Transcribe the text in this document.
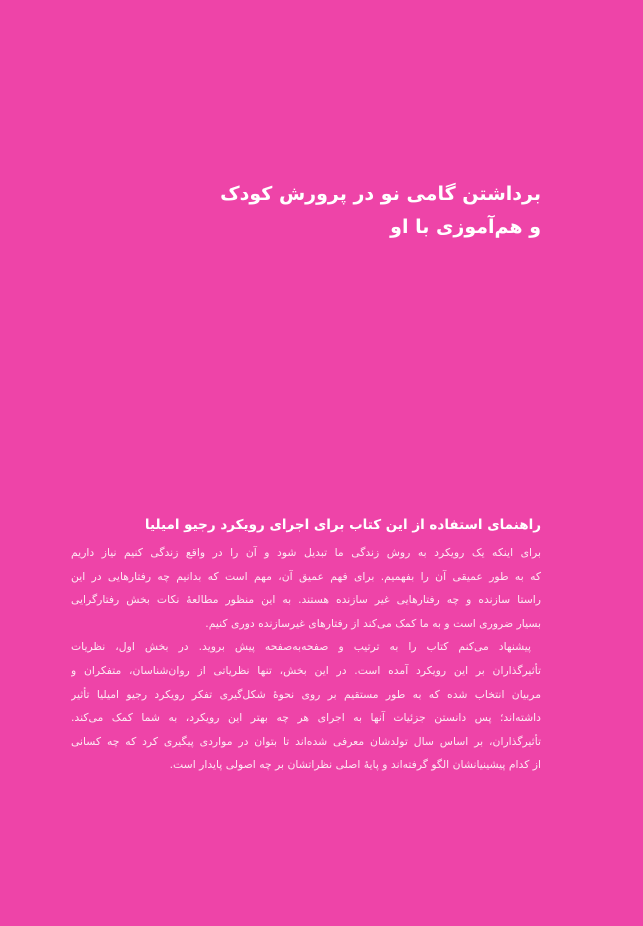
برداشتن گامی نو در پرورش کودک
و هم‌آموزی با او
راهنمای استفاده از این کتاب برای اجرای رویکرد رجیو امیلیا
برای اینکه یک رویکرد به روش زندگی ما تبدیل شود و آن را در واقع زندگی کنیم نیاز داریم
که به طور عمیقی آن را بفهمیم. برای فهم عمیق آن، مهم است که بدانیم چه رفتارهایی در این
راستا سازنده و چه رفتارهایی غیر سازنده هستند. به این منظور مطالعهٔ نکات بخش رفتارگرایی
بسیار ضروری است و به ما کمک می‌کند از رفتارهای غیرسازنده دوری کنیم.
پیشنهاد می‌کنم کتاب را به ترتیب و صفحه‌به‌صفحه پیش بروید. در بخش اول، نظریات
تأثیرگذاران بر این رویکرد آمده است. در این بخش، تنها نظریاتی از روان‌شناسان، متفکران و
مربیان انتخاب شده که به طور مستقیم بر روی نحوهٔ شکل‌گیری تفکر رویکرد رجیو امیلیا تأثیر
داشته‌اند؛ پس دانستن جزئیات آنها به اجرای هر چه بهتر این رویکرد، به شما کمک می‌کند.
تأثیرگذاران، بر اساس سال تولدشان معرفی شده‌اند تا بتوان در مواردی پیگیری کرد که چه کسانی
از کدام پیشینیانشان الگو گرفته‌اند و پایهٔ اصلی نظراتشان بر چه اصولی پایدار است.
